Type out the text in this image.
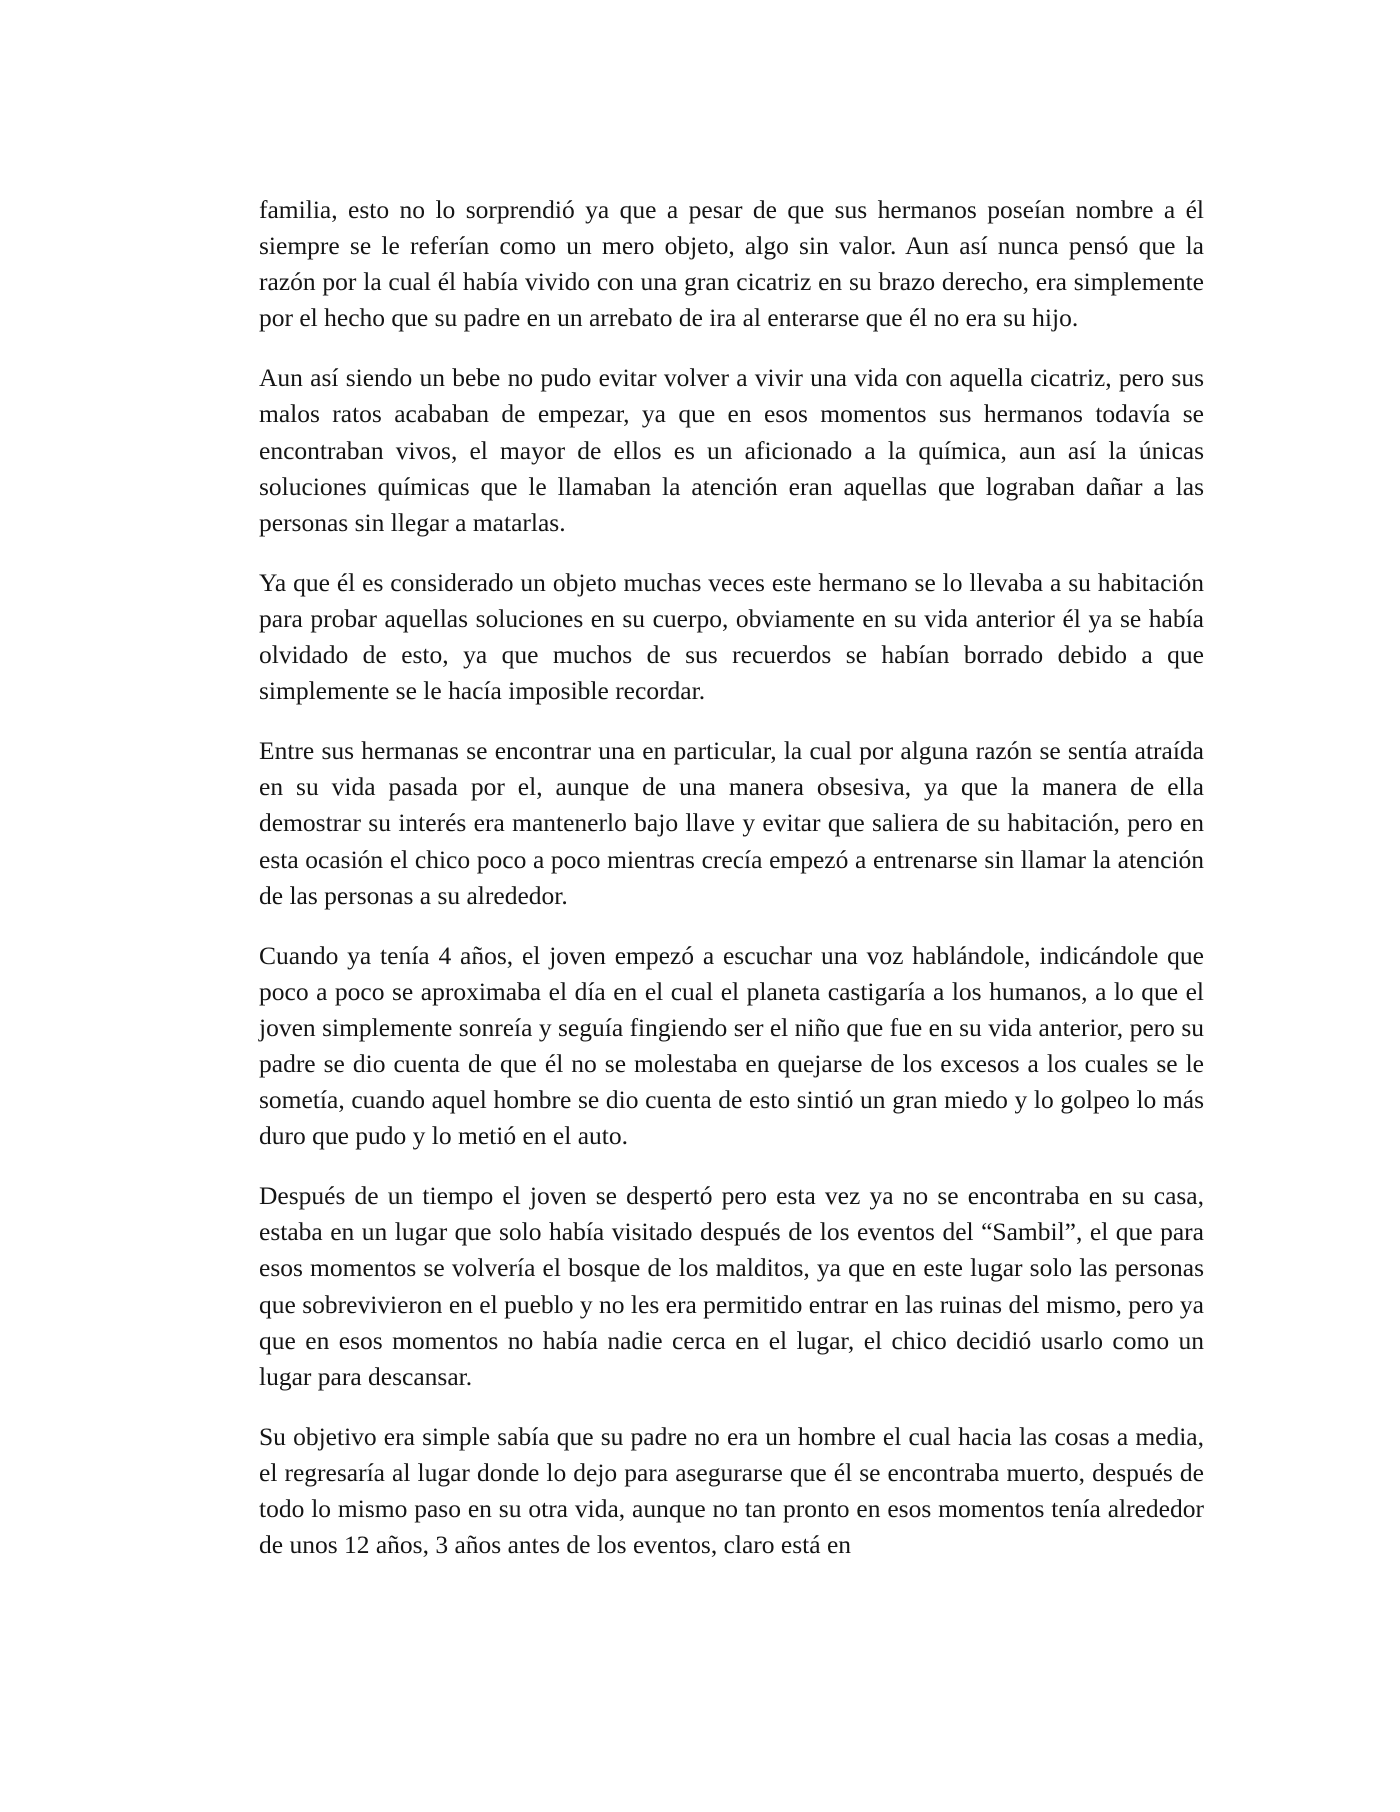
familia, esto no lo sorprendió ya que a pesar de que sus hermanos poseían nombre a él siempre se le referían como un mero objeto, algo sin valor. Aun así nunca pensó que la razón por la cual él había vivido con una gran cicatriz en su brazo derecho, era simplemente por el hecho que su padre en un arrebato de ira al enterarse que él no era su hijo.

Aun así siendo un bebe no pudo evitar volver a vivir una vida con aquella cicatriz, pero sus malos ratos acababan de empezar, ya que en esos momentos sus hermanos todavía se encontraban vivos, el mayor de ellos es un aficionado a la química, aun así la únicas soluciones químicas que le llamaban la atención eran aquellas que lograban dañar a las personas sin llegar a matarlas.

Ya que él es considerado un objeto muchas veces este hermano se lo llevaba a su habitación para probar aquellas soluciones en su cuerpo, obviamente en su vida anterior él ya se había olvidado de esto, ya que muchos de sus recuerdos se habían borrado debido a que simplemente se le hacía imposible recordar.

Entre sus hermanas se encontrar una en particular, la cual por alguna razón se sentía atraída en su vida pasada por el, aunque de una manera obsesiva, ya que la manera de ella demostrar su interés era mantenerlo bajo llave y evitar que saliera de su habitación, pero en esta ocasión el chico poco a poco mientras crecía empezó a entrenarse sin llamar la atención de las personas a su alrededor.

Cuando ya tenía 4 años, el joven empezó a escuchar una voz hablándole, indicándole que poco a poco se aproximaba el día en el cual el planeta castigaría a los humanos, a lo que el joven simplemente sonreía y seguía fingiendo ser el niño que fue en su vida anterior, pero su padre se dio cuenta de que él no se molestaba en quejarse de los excesos a los cuales se le sometía, cuando aquel hombre se dio cuenta de esto sintió un gran miedo y lo golpeo lo más duro que pudo y lo metió en el auto.

Después de un tiempo el joven se despertó pero esta vez ya no se encontraba en su casa, estaba en un lugar que solo había visitado después de los eventos del “Sambil”, el que para esos momentos se volvería el bosque de los malditos, ya que en este lugar solo las personas que sobrevivieron en el pueblo y no les era permitido entrar en las ruinas del mismo, pero ya que en esos momentos no había nadie cerca en el lugar, el chico decidió usarlo como un lugar para descansar.

Su objetivo era simple sabía que su padre no era un hombre el cual hacia las cosas a media, el regresaría al lugar donde lo dejo para asegurarse que él se encontraba muerto, después de todo lo mismo paso en su otra vida, aunque no tan pronto en esos momentos tenía alrededor de unos 12 años, 3 años antes de los eventos, claro está en
